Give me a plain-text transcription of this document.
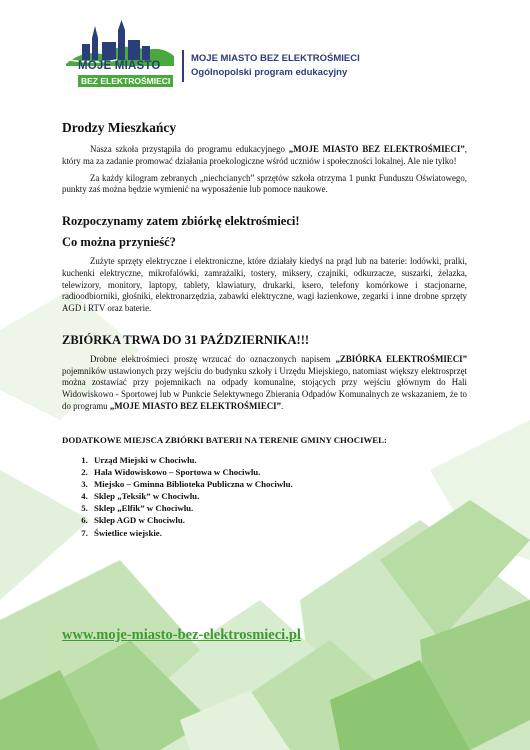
MOJE MIASTO
BEZ ELEKTROŚMIECI
MOJE MIASTO BEZ ELEKTROŚMIECI
Ogólnopolski program edukacyjny
Drodzy Mieszkańcy

Nasza szkoła przystąpiła do programu edukacyjnego „MOJE MIASTO BEZ ELEKTROŚMIECI”, który ma za zadanie promować działania proekologiczne wśród uczniów i społeczności lokalnej. Ale nie tylko!

Za każdy kilogram zebranych „niechcianych” sprzętów szkoła otrzyma 1 punkt Funduszu Oświatowego, punkty zaś można będzie wymienić na wyposażenie lub pomoce naukowe.

Rozpoczynamy zatem zbiórkę elektrośmieci!
Co można przynieść?

Zużyte sprzęty elektryczne i elektroniczne, które działały kiedyś na prąd lub na baterie: lodówki, pralki, kuchenki elektryczne, mikrofalówki, zamrażalki, tostery, miksery, czajniki, odkurzacze, suszarki, żelazka, telewizory, monitory, laptopy, tablety, klawiatury, drukarki, ksero, telefony komórkowe i stacjonarne, radioodbiorniki, głośniki, elektronarzędzia, zabawki elektryczne, wagi łazienkowe, zegarki i inne drobne sprzęty AGD i RTV oraz baterie.

ZBIÓRKA TRWA DO 31 PAŹDZIERNIKA!!!

Drobne elektrośmieci proszę wrzucać do oznaczonych napisem „ZBIÓRKA ELEKTROŚMIECI” pojemników ustawionych przy wejściu do budynku szkoły i Urzędu Miejskiego, natomiast większy elektrosprzęt można zostawiać przy pojemnikach na odpady komunalne, stojących przy wejściu głównym do Hali Widowiskowo - Sportowej lub w Punkcie Selektywnego Zbierania Odpadów Komunalnych ze wskazaniem, że to do programu „MOJE MIASTO BEZ ELEKTROŚMIECI”.

DODATKOWE MIEJSCA ZBIÓRKI BATERII NA TERENIE GMINY CHOCIWEL:
1. Urząd Miejski w Chociwlu.
2. Hala Widowiskowo – Sportowa w Chociwlu.
3. Miejsko – Gminna Biblioteka Publiczna w Chociwlu.
4. Sklep „Teksik” w Chociwlu.
5. Sklep „Elfik” w Chociwlu.
6. Sklep AGD w Chociwlu.
7. Świetlice wiejskie.
www.moje-miasto-bez-elektrosmieci.pl
